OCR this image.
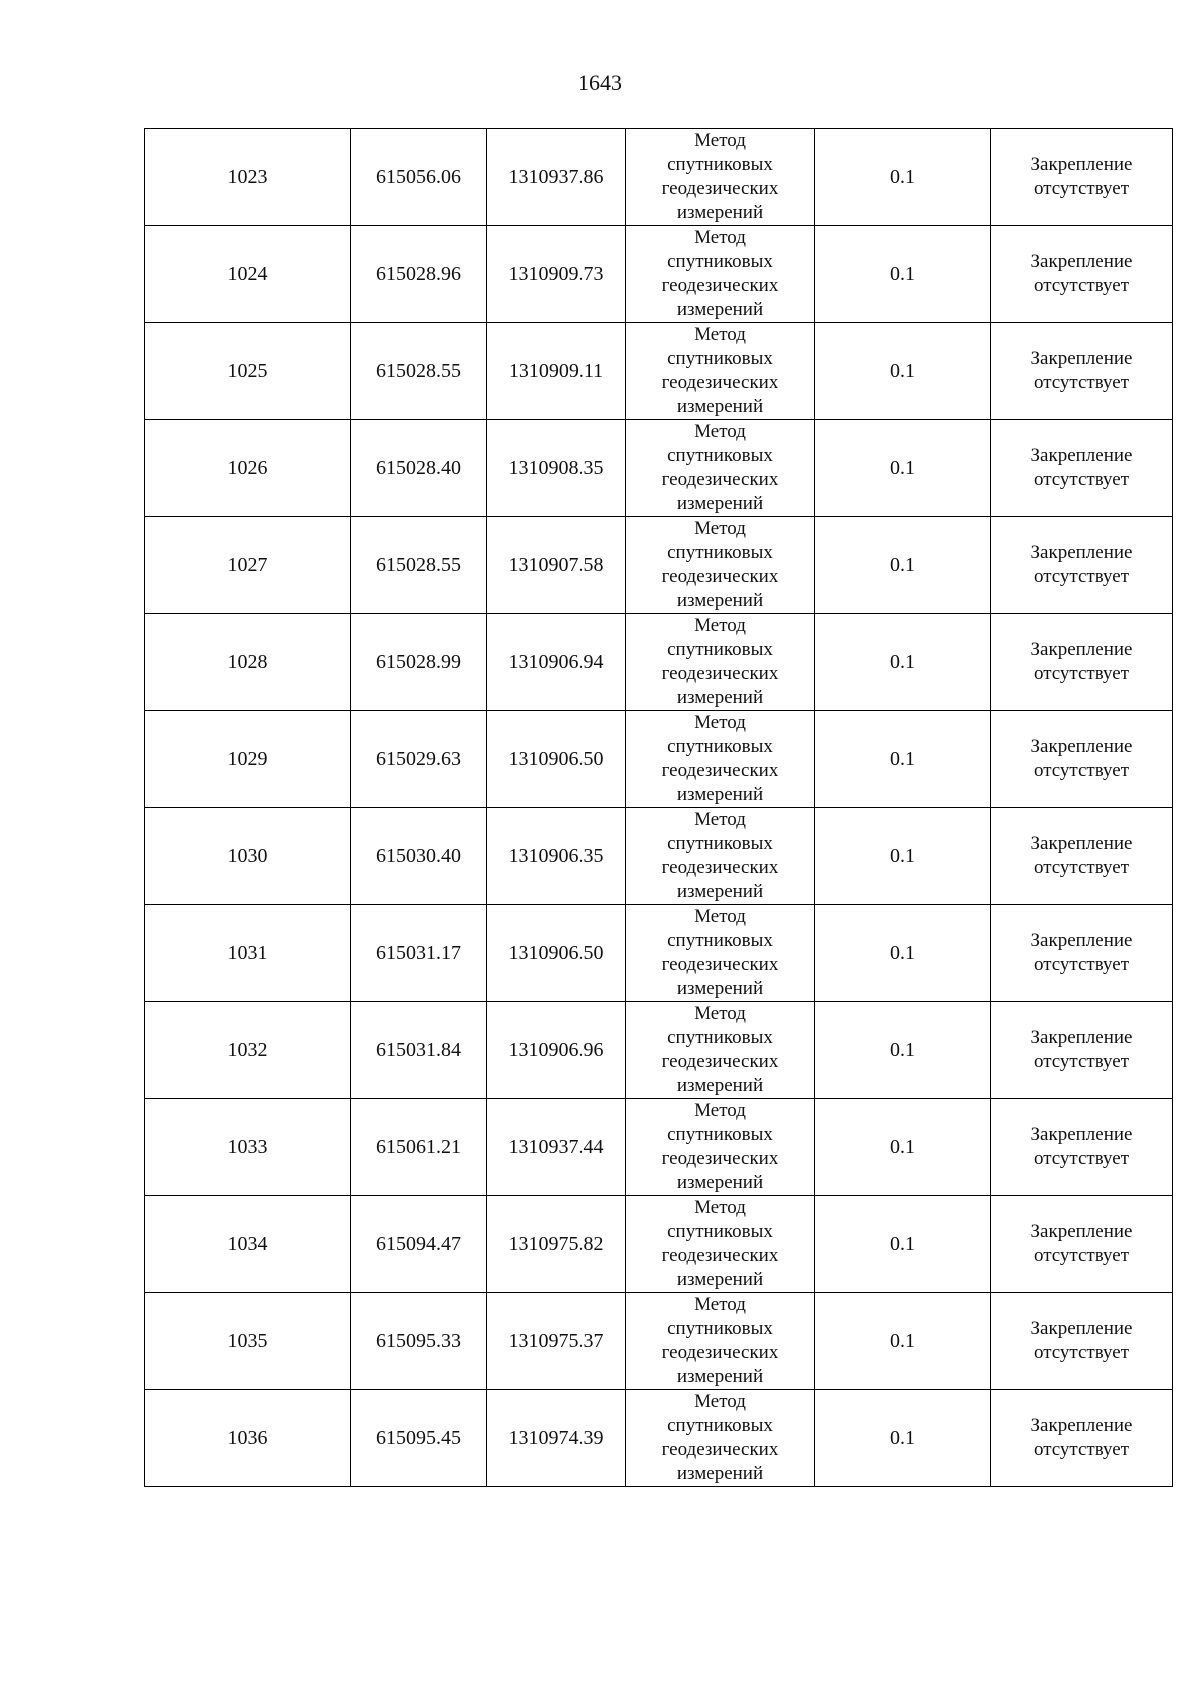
1643
1023	615056.06	1310937.86	Метод
спутниковых
геодезических
измерений	0.1	Закрепление
отсутствует

1024	615028.96	1310909.73	Метод
спутниковых
геодезических
измерений	0.1	Закрепление
отсутствует

1025	615028.55	1310909.11	Метод
спутниковых
геодезических
измерений	0.1	Закрепление
отсутствует

1026	615028.40	1310908.35	Метод
спутниковых
геодезических
измерений	0.1	Закрепление
отсутствует

1027	615028.55	1310907.58	Метод
спутниковых
геодезических
измерений	0.1	Закрепление
отсутствует

1028	615028.99	1310906.94	Метод
спутниковых
геодезических
измерений	0.1	Закрепление
отсутствует

1029	615029.63	1310906.50	Метод
спутниковых
геодезических
измерений	0.1	Закрепление
отсутствует

1030	615030.40	1310906.35	Метод
спутниковых
геодезических
измерений	0.1	Закрепление
отсутствует

1031	615031.17	1310906.50	Метод
спутниковых
геодезических
измерений	0.1	Закрепление
отсутствует

1032	615031.84	1310906.96	Метод
спутниковых
геодезических
измерений	0.1	Закрепление
отсутствует

1033	615061.21	1310937.44	Метод
спутниковых
геодезических
измерений	0.1	Закрепление
отсутствует

1034	615094.47	1310975.82	Метод
спутниковых
геодезических
измерений	0.1	Закрепление
отсутствует

1035	615095.33	1310975.37	Метод
спутниковых
геодезических
измерений	0.1	Закрепление
отсутствует

1036	615095.45	1310974.39	Метод
спутниковых
геодезических
измерений	0.1	Закрепление
отсутствует
